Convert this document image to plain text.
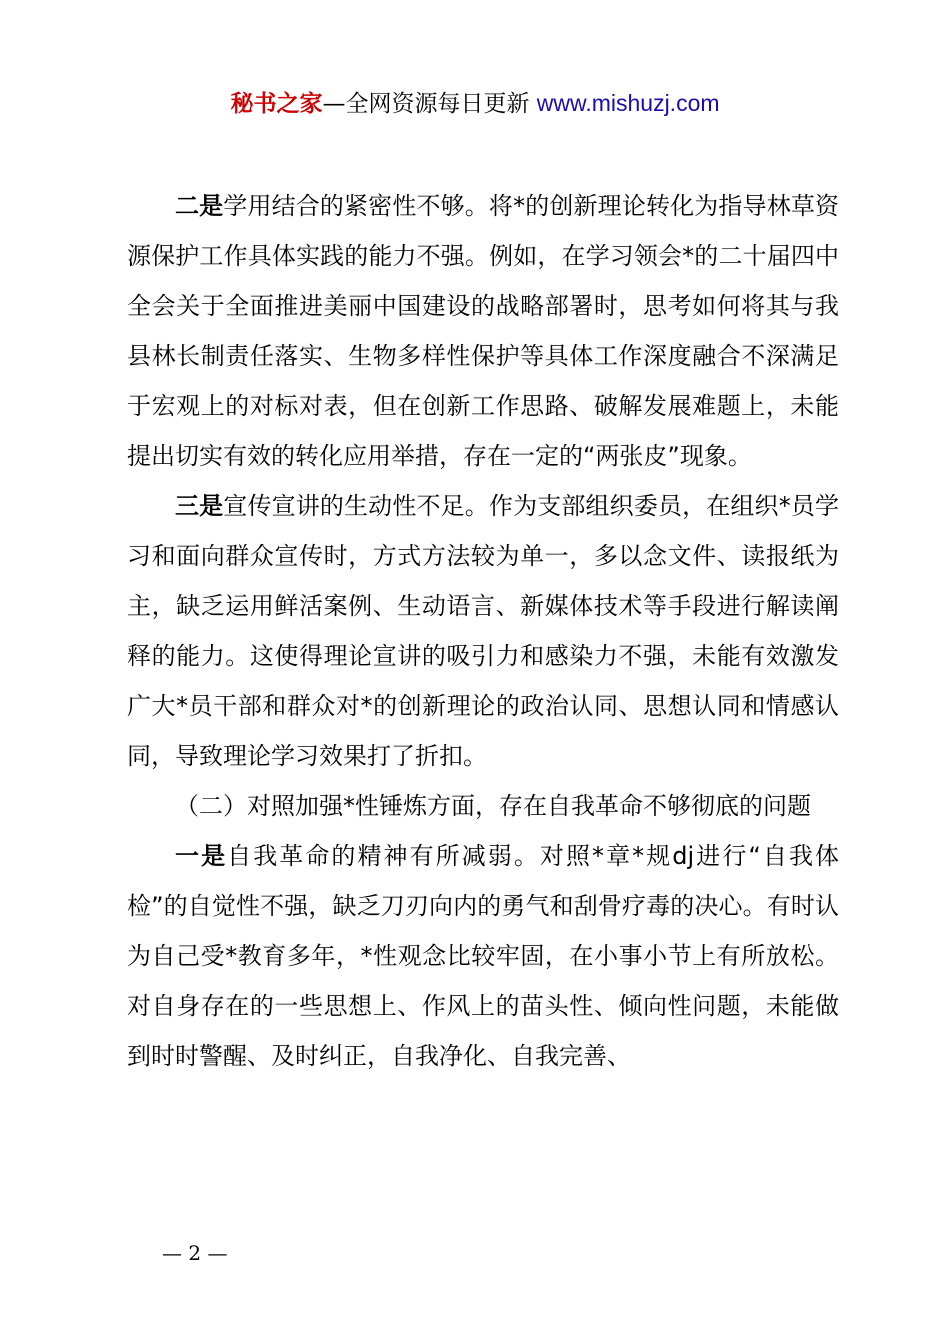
秘书之家—全网资源每日更新 www.mishuzj.com

二是学用结合的紧密性不够。将*的创新理论转化为指导林草资源保护工作具体实践的能力不强。例如，在学习领会*的二十届四中全会关于全面推进美丽中国建设的战略部署时，思考如何将其与我县林长制责任落实、生物多样性保护等具体工作深度融合不深满足于宏观上的对标对表，但在创新工作思路、破解发展难题上，未能提出切实有效的转化应用举措，存在一定的“两张皮”现象。

三是宣传宣讲的生动性不足。作为支部组织委员，在组织*员学习和面向群众宣传时，方式方法较为单一，多以念文件、读报纸为主，缺乏运用鲜活案例、生动语言、新媒体技术等手段进行解读阐释的能力。这使得理论宣讲的吸引力和感染力不强，未能有效激发广大*员干部和群众对*的创新理论的政治认同、思想认同和情感认同，导致理论学习效果打了折扣。

（二）对照加强*性锤炼方面，存在自我革命不够彻底的问题

一是自我革命的精神有所减弱。对照*章*规dj进行“自我体检”的自觉性不强，缺乏刀刃向内的勇气和刮骨疗毒的决心。有时认为自己受*教育多年，*性观念比较牢固，在小事小节上有所放松。对自身存在的一些思想上、作风上的苗头性、倾向性问题，未能做到时时警醒、及时纠正，自我净化、自我完善、

— 2 —
